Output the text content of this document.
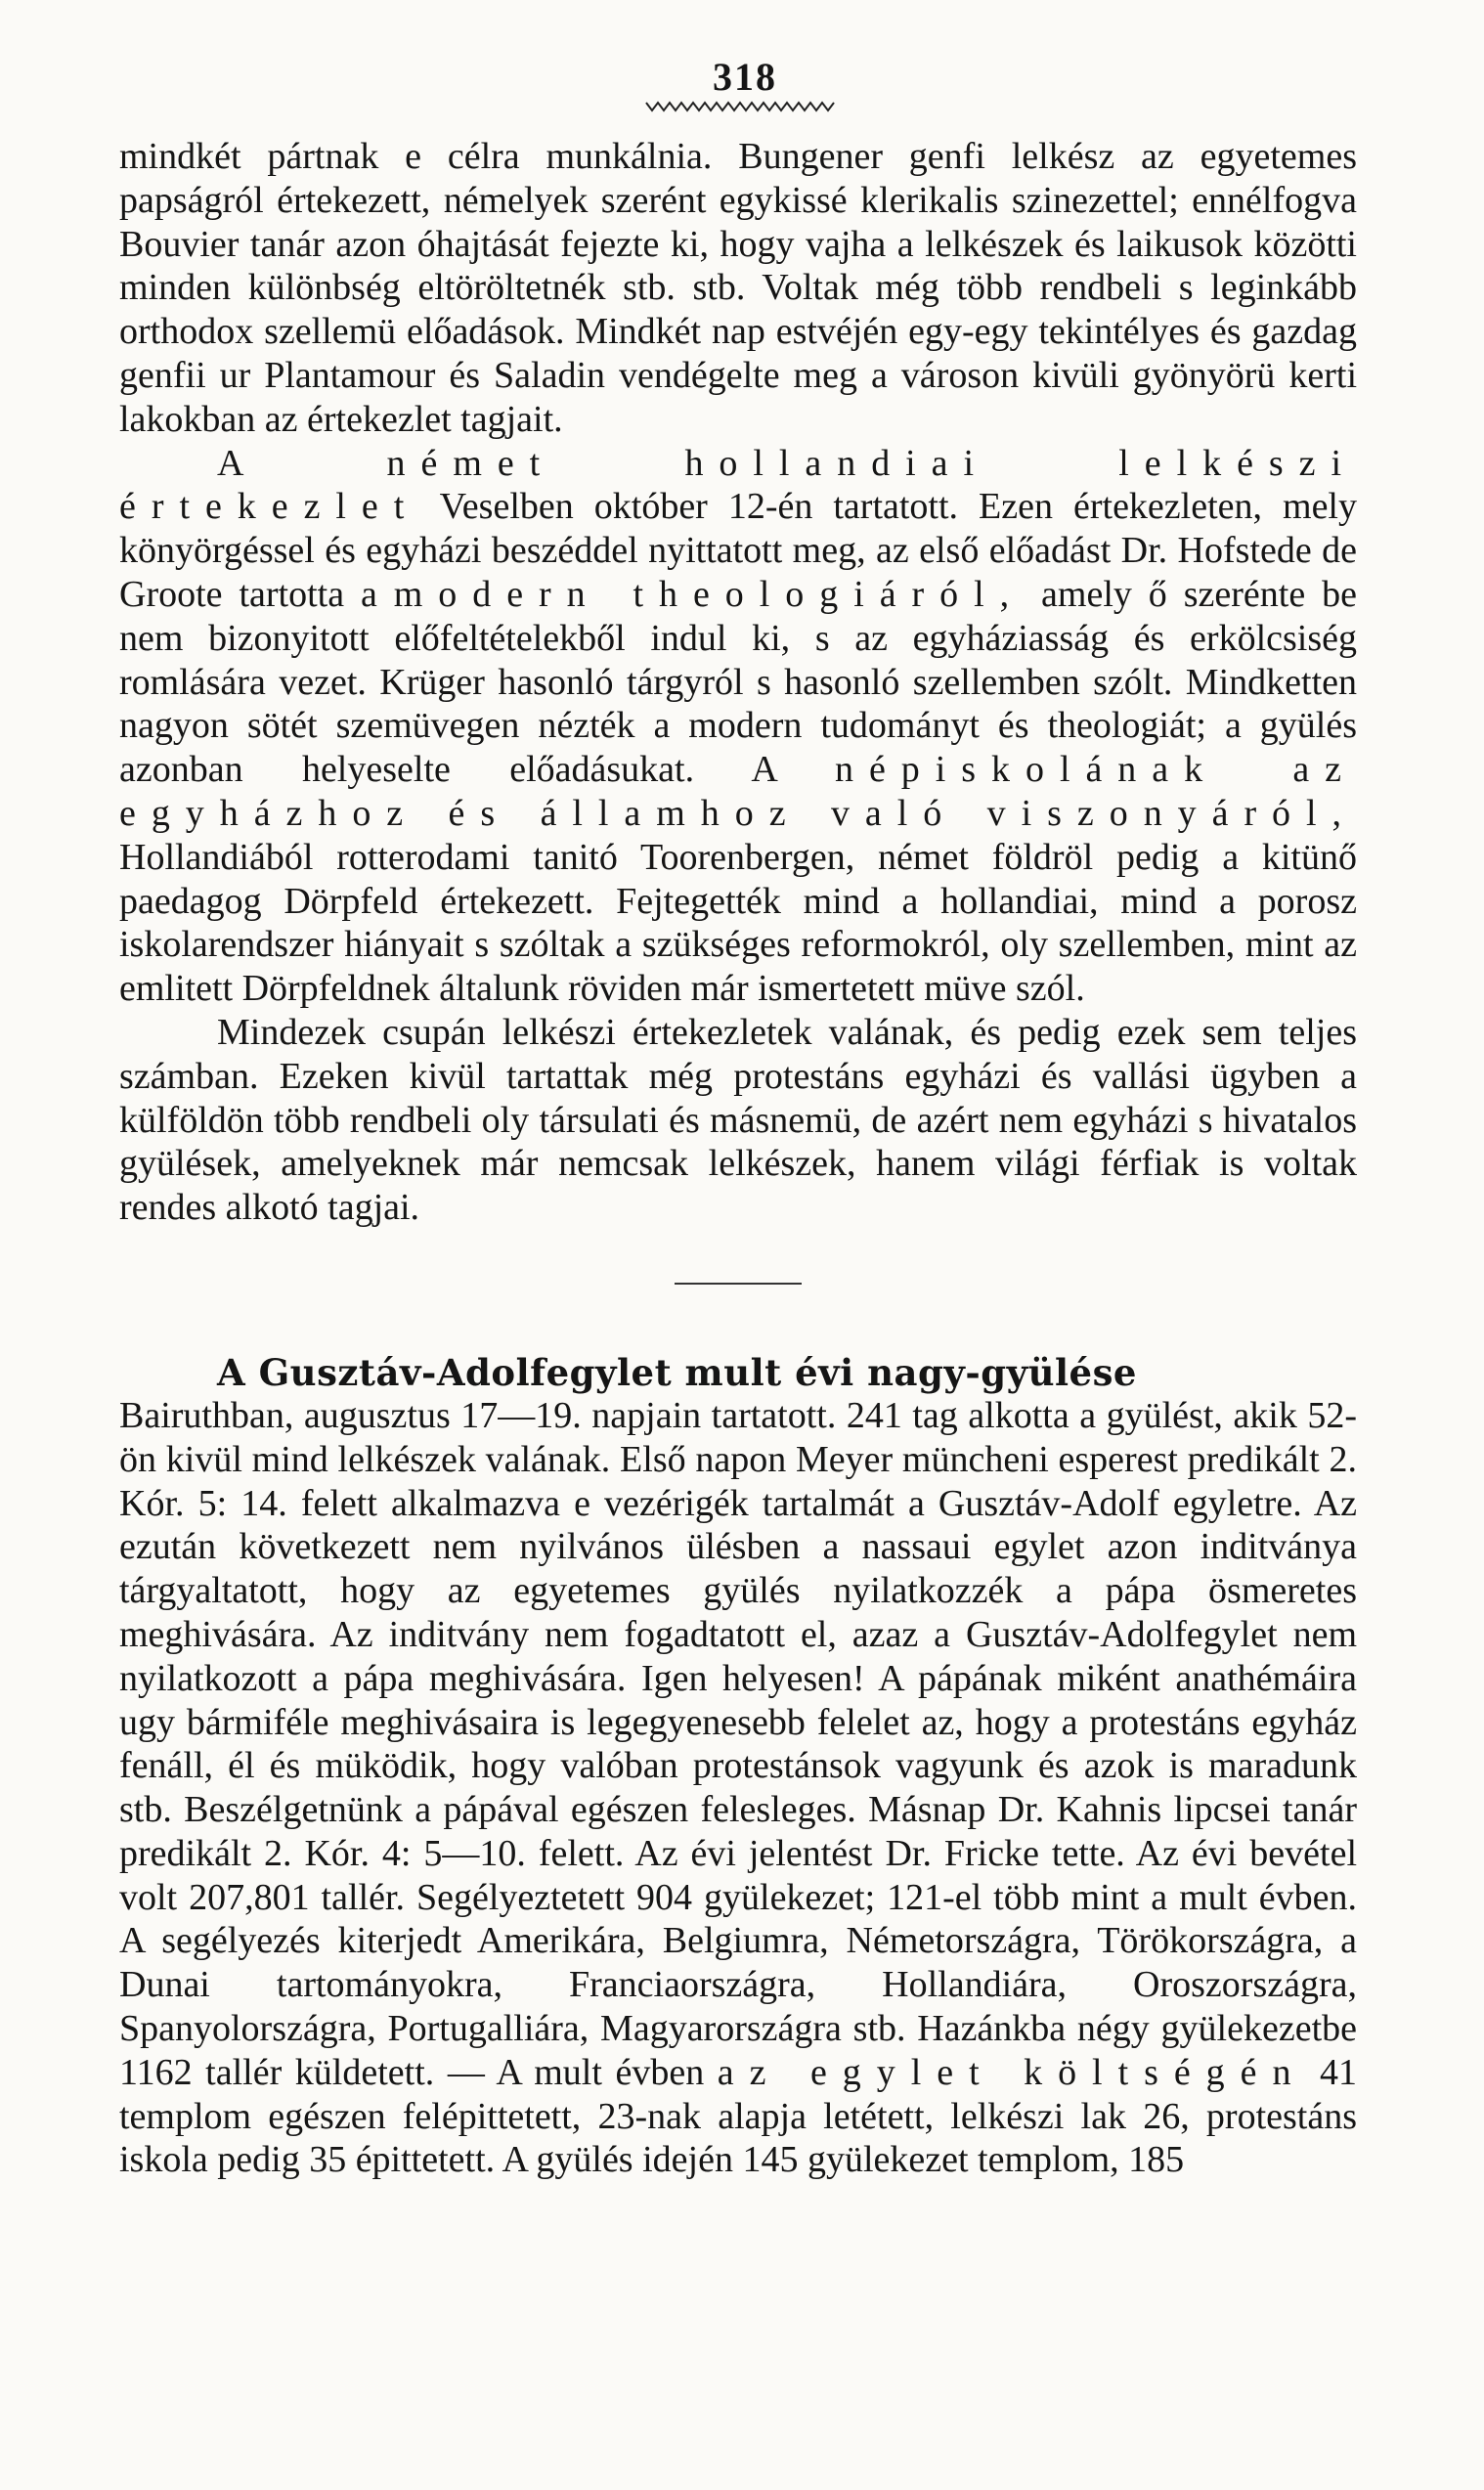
318

mindkét pártnak e célra munkálnia. Bungener genfi lelkész az egyetemes papságról értekezett, némelyek szerént egykissé klerikalis szinezettel; ennélfogva Bouvier tanár azon óhajtását fejezte ki, hogy vajha a lelkészek és laikusok közötti minden különbség eltöröltetnék stb. stb. Voltak még több rendbeli s leginkább orthodox szellemü előadások. Mindkét nap estvéjén egy-egy tekintélyes és gazdag genfii ur Plantamour és Saladin vendégelte meg a városon kivüli gyönyörü kerti lakokban az értekezlet tagjait.

A német hollandiai lelkészi értekezlet Veselben október 12-én tartatott. Ezen értekezleten, mely könyörgéssel és egyházi beszéddel nyittatott meg, az első előadást Dr. Hofstede de Groote tartotta a modern theologiáról, amely ő szerénte be nem bizonyitott előfeltételekből indul ki, s az egyháziasság és erkölcsiség romlására vezet. Krüger hasonló tárgyról s hasonló szellemben szólt. Mindketten nagyon sötét szemüvegen nézték a modern tudományt és theologiát; a gyülés azonban helyeselte előadásukat. A népiskolának az egyházhoz és államhoz való viszonyáról, Hollandiából rotterodami tanitó Toorenbergen, német földröl pedig a kitünő paedagog Dörpfeld értekezett. Fejtegették mind a hollandiai, mind a porosz iskolarendszer hiányait s szóltak a szükséges reformokról, oly szellemben, mint az emlitett Dörpfeldnek általunk röviden már ismertetett müve szól.

Mindezek csupán lelkészi értekezletek valának, és pedig ezek sem teljes számban. Ezeken kivül tartattak még protestáns egyházi és vallási ügyben a külföldön több rendbeli oly társulati és másnemü, de azért nem egyházi s hivatalos gyülések, amelyeknek már nemcsak lelkészek, hanem világi férfiak is voltak rendes alkotó tagjai.

A Gusztáv-Adolfegylet mult évi nagy-gyülése

Bairuthban, augusztus 17—19. napjain tartatott. 241 tag alkotta a gyülést, akik 52-ön kivül mind lelkészek valának. Első napon Meyer müncheni esperest predikált 2. Kór. 5: 14. felett alkalmazva e vezérigék tartalmát a Gusztáv-Adolf egyletre. Az ezután következett nem nyilvános ülésben a nassaui egylet azon inditványa tárgyaltatott, hogy az egyetemes gyülés nyilatkozzék a pápa ösmeretes meghivására. Az inditvány nem fogadtatott el, azaz a Gusztáv-Adolfegylet nem nyilatkozott a pápa meghivására. Igen helyesen! A pápának miként anathémáira ugy bármiféle meghivásaira is legegyenesebb felelet az, hogy a protestáns egyház fenáll, él és müködik, hogy valóban protestánsok vagyunk és azok is maradunk stb. Beszélgetnünk a pápával egészen felesleges. Másnap Dr. Kahnis lipcsei tanár predikált 2. Kór. 4: 5—10. felett. Az évi jelentést Dr. Fricke tette. Az évi bevétel volt 207,801 tallér. Segélyeztetett 904 gyülekezet; 121-el több mint a mult évben. A segélyezés kiterjedt Amerikára, Belgiumra, Németországra, Törökországra, a Dunai tartományokra, Franciaországra, Hollandiára, Oroszországra, Spanyolországra, Portugalliára, Magyarországra stb. Hazánkba négy gyülekezetbe 1162 tallér küldetett. — A mult évben az egylet költségén 41 templom egészen felépittetett, 23-nak alapja letétett, lelkészi lak 26, protestáns iskola pedig 35 épittetett. A gyülés idején 145 gyülekezet templom, 185
